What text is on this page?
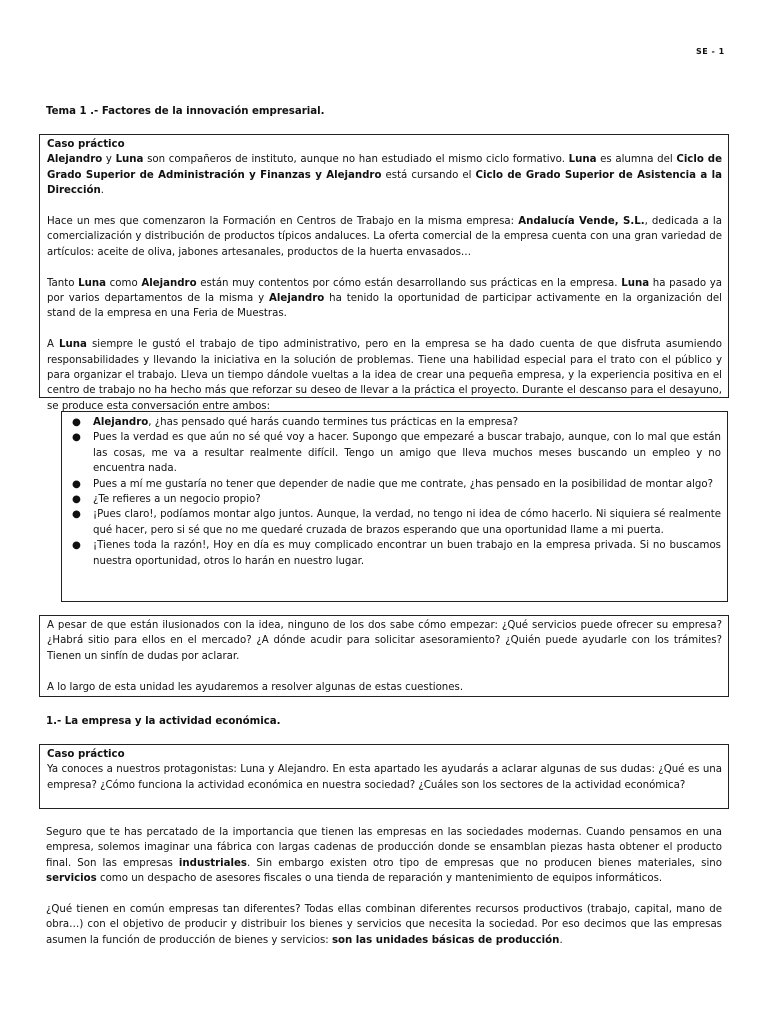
SE - 1
Tema 1 .- Factores de la innovación empresarial.
Caso práctico

Alejandro y Luna son compañeros de instituto, aunque no han estudiado el mismo ciclo formativo. Luna es alumna del Ciclo de Grado Superior de Administración y Finanzas y Alejandro está cursando el Ciclo de Grado Superior de Asistencia a la Dirección.

Hace un mes que comenzaron la Formación en Centros de Trabajo en la misma empresa: Andalucía Vende, S.L., dedicada a la comercialización y distribución de productos típicos andaluces. La oferta comercial de la empresa cuenta con una gran variedad de artículos: aceite de oliva, jabones artesanales, productos de la huerta envasados…

Tanto Luna como Alejandro están muy contentos por cómo están desarrollando sus prácticas en la empresa. Luna ha pasado ya por varios departamentos de la misma y Alejandro ha tenido la oportunidad de participar activamente en la organización del stand de la empresa en una Feria de Muestras.

A Luna siempre le gustó el trabajo de tipo administrativo, pero en la empresa se ha dado cuenta de que disfruta asumiendo responsabilidades y llevando la iniciativa en la solución de problemas. Tiene una habilidad especial para el trato con el público y para organizar el trabajo. Lleva un tiempo dándole vueltas a la idea de crear una pequeña empresa, y la experiencia positiva en el centro de trabajo no ha hecho más que reforzar su deseo de llevar a la práctica el proyecto. Durante el descanso para el desayuno, se produce esta conversación entre ambos:

● Alejandro, ¿has pensado qué harás cuando termines tus prácticas en la empresa?
● Pues la verdad es que aún no sé qué voy a hacer. Supongo que empezaré a buscar trabajo, aunque, con lo mal que están las cosas, me va a resultar realmente difícil. Tengo un amigo que lleva muchos meses buscando un empleo y no encuentra nada.
● Pues a mí me gustaría no tener que depender de nadie que me contrate, ¿has pensado en la posibilidad de montar algo?
● ¿Te refieres a un negocio propio?
● ¡Pues claro!, podíamos montar algo juntos. Aunque, la verdad, no tengo ni idea de cómo hacerlo. Ni siquiera sé realmente qué hacer, pero si sé que no me quedaré cruzada de brazos esperando que una oportunidad llame a mi puerta.
● ¡Tienes toda la razón!, Hoy en día es muy complicado encontrar un buen trabajo en la empresa privada. Si no buscamos nuestra oportunidad, otros lo harán en nuestro lugar.

A pesar de que están ilusionados con la idea, ninguno de los dos sabe cómo empezar: ¿Qué servicios puede ofrecer su empresa? ¿Habrá sitio para ellos en el mercado? ¿A dónde acudir para solicitar asesoramiento? ¿Quién puede ayudarle con los trámites? Tienen un sinfín de dudas por aclarar.

A lo largo de esta unidad les ayudaremos a resolver algunas de estas cuestiones.

1.- La empresa y la actividad económica.
Caso práctico

Ya conoces a nuestros protagonistas: Luna y Alejandro. En esta apartado les ayudarás a aclarar algunas de sus dudas: ¿Qué es una empresa? ¿Cómo funciona la actividad económica en nuestra sociedad? ¿Cuáles son los sectores de la actividad económica?

Seguro que te has percatado de la importancia que tienen las empresas en las sociedades modernas. Cuando pensamos en una empresa, solemos imaginar una fábrica con largas cadenas de producción donde se ensamblan piezas hasta obtener el producto final. Son las empresas industriales. Sin embargo existen otro tipo de empresas que no producen bienes materiales, sino servicios como un despacho de asesores fiscales o una tienda de reparación y mantenimiento de equipos informáticos.

¿Qué tienen en común empresas tan diferentes? Todas ellas combinan diferentes recursos productivos (trabajo, capital, mano de obra…) con el objetivo de producir y distribuir los bienes y servicios que necesita la sociedad. Por eso decimos que las empresas asumen la función de producción de bienes y servicios: son las unidades básicas de producción.
